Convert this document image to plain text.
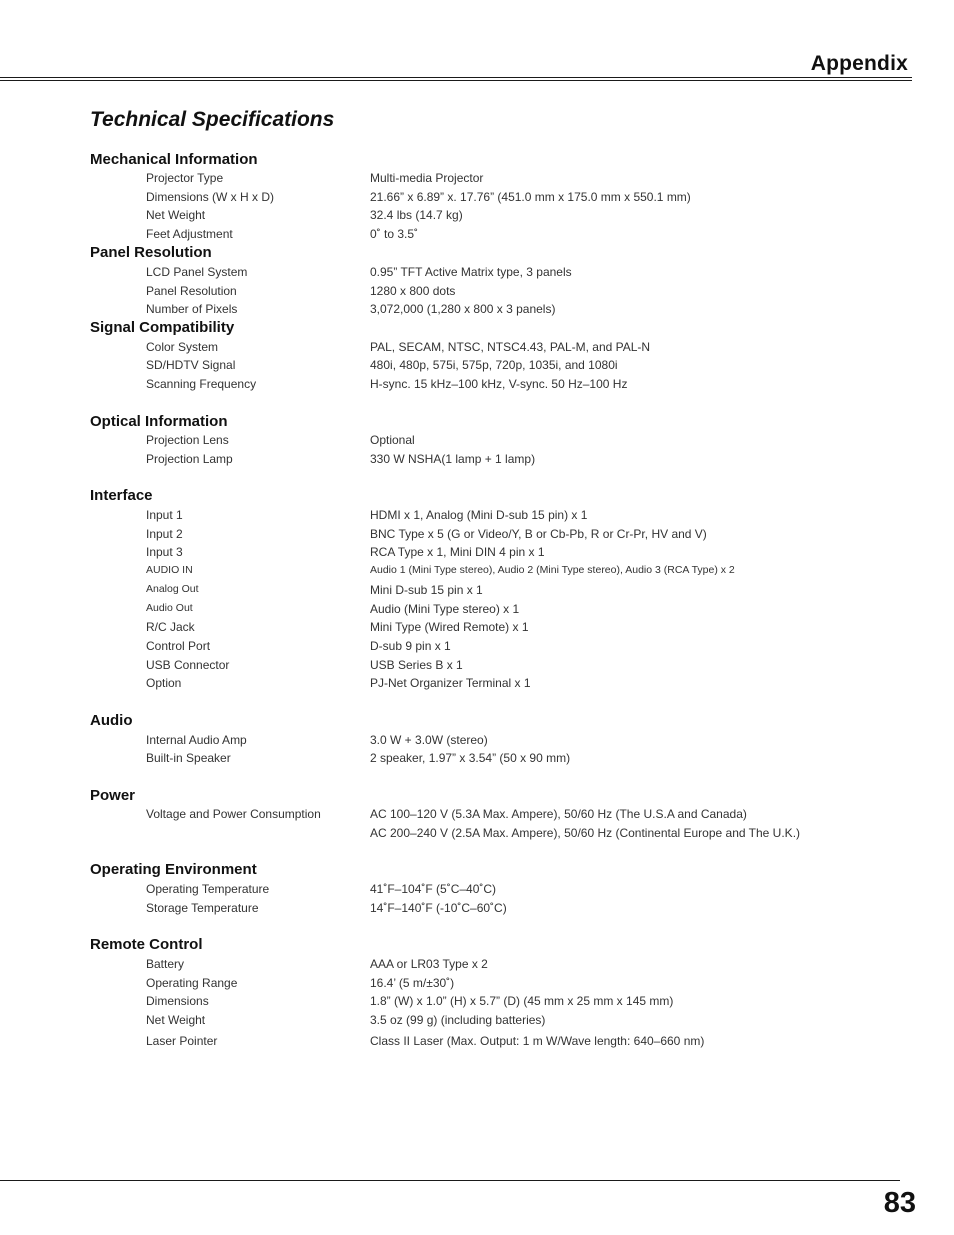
Appendix
Technical Specifications
Mechanical Information
Projector Type	Multi-media Projector
Dimensions (W x H x D)	21.66” x 6.89” x. 17.76” (451.0 mm x 175.0 mm x 550.1 mm)
Net Weight	32.4 lbs (14.7 kg)
Feet Adjustment	0˚ to 3.5˚
Panel Resolution
LCD Panel System	0.95” TFT Active Matrix type, 3 panels
Panel Resolution	1280 x 800 dots
Number of Pixels	3,072,000 (1,280 x 800 x 3 panels)
Signal Compatibility
Color System	PAL, SECAM, NTSC, NTSC4.43, PAL-M, and PAL-N
SD/HDTV Signal	480i, 480p, 575i, 575p, 720p, 1035i, and 1080i
Scanning Frequency	H-sync. 15 kHz–100 kHz, V-sync. 50 Hz–100 Hz
Optical Information
Projection Lens	Optional
Projection Lamp	330 W NSHA(1 lamp + 1 lamp)
Interface
Input 1	HDMI x 1, Analog (Mini D-sub 15 pin) x 1
Input 2	BNC Type x 5 (G or Video/Y, B or Cb-Pb, R or Cr-Pr, HV and V)
Input 3	RCA Type x 1, Mini DIN 4 pin x 1
AUDIO IN	Audio 1 (Mini Type stereo), Audio 2 (Mini Type stereo), Audio 3 (RCA Type) x 2
Analog Out	Mini D-sub 15 pin x 1
Audio Out	Audio (Mini Type stereo) x 1
R/C Jack	Mini Type (Wired Remote) x 1
Control Port	D-sub 9 pin x 1
USB Connector	USB Series B x 1
Option	PJ-Net Organizer Terminal x 1
Audio
Internal Audio Amp	3.0 W + 3.0W (stereo)
Built-in Speaker	2 speaker, 1.97” x 3.54” (50 x 90 mm)
Power
Voltage and Power Consumption	AC 100–120 V (5.3A Max. Ampere), 50/60 Hz (The U.S.A and Canada)
AC 200–240 V (2.5A Max. Ampere), 50/60 Hz (Continental Europe and The U.K.)
Operating Environment
Operating Temperature	41˚F–104˚F (5˚C–40˚C)
Storage Temperature	14˚F–140˚F (-10˚C–60˚C)
Remote Control
Battery	AAA or LR03 Type x 2
Operating Range	16.4’ (5 m/±30˚)
Dimensions	1.8” (W) x 1.0” (H) x 5.7” (D) (45 mm x 25 mm x 145 mm)
Net Weight	3.5 oz (99 g) (including batteries)
Laser Pointer	Class II Laser (Max. Output: 1 m W/Wave length: 640–660 nm)
83
